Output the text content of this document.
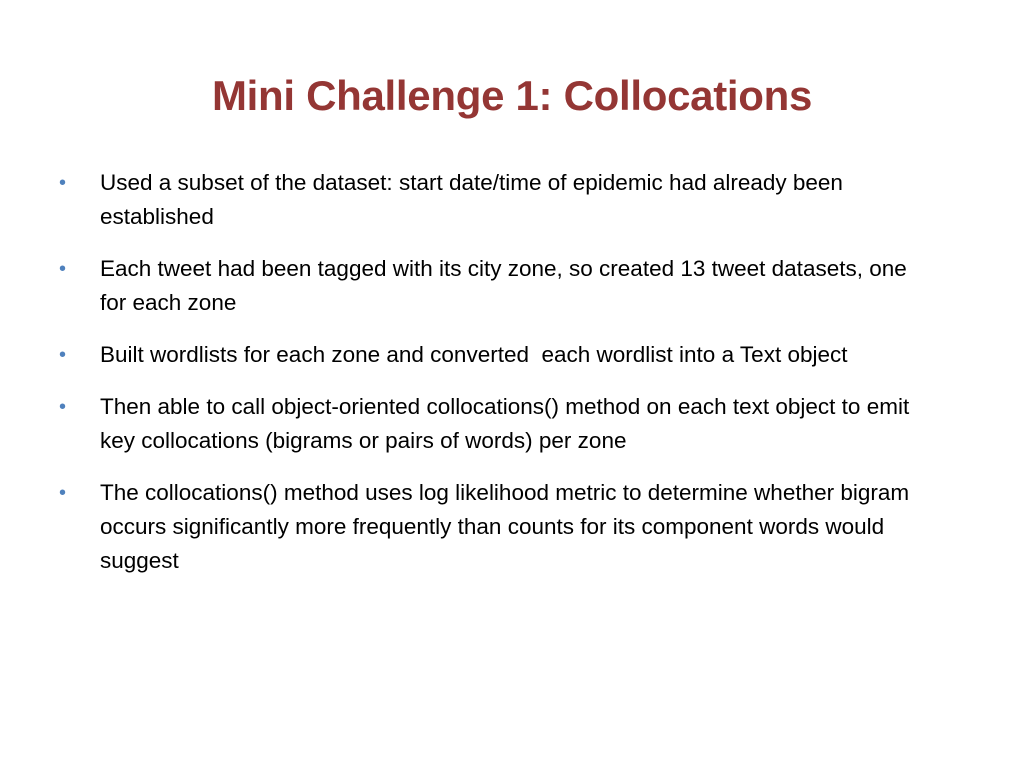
Mini Challenge 1: Collocations
• Used a subset of the dataset: start date/time of epidemic had already been established
• Each tweet had been tagged with its city zone, so created 13 tweet datasets, one for each zone
• Built wordlists for each zone and converted  each wordlist into a Text object
• Then able to call object-oriented collocations() method on each text object to emit key collocations (bigrams or pairs of words) per zone
• The collocations() method uses log likelihood metric to determine whether bigram occurs significantly more frequently than counts for its component words would suggest
